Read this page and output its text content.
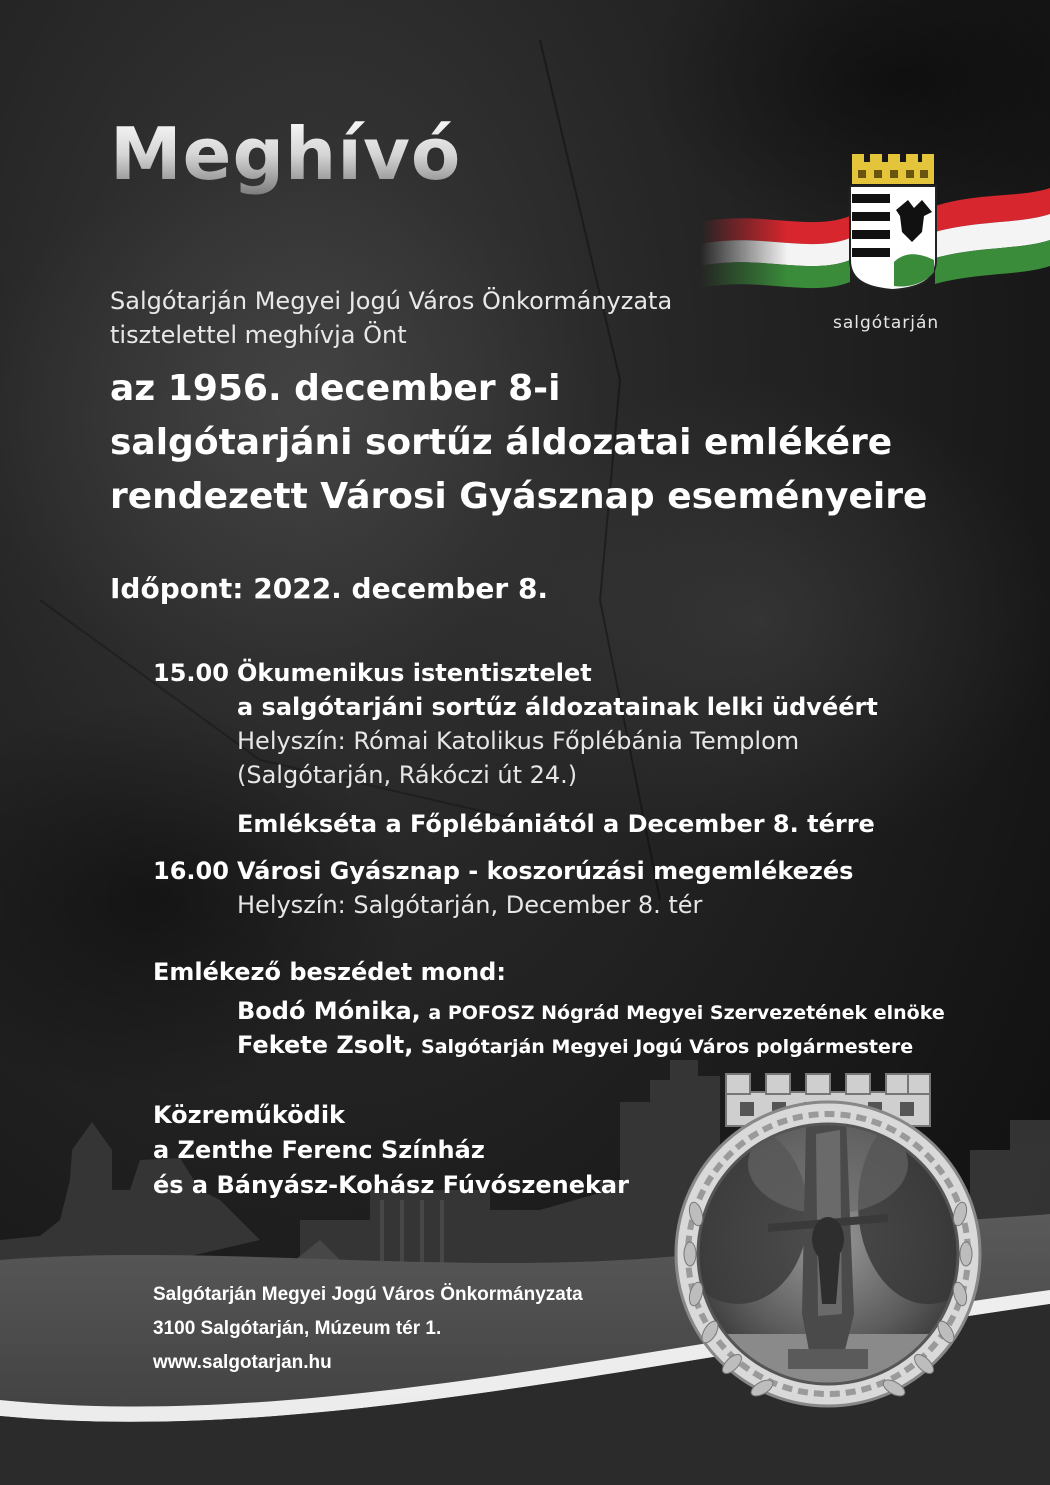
Meghívó
salgótarján
Salgótarján Megyei Jogú Város Önkormányzata
tisztelettel meghívja Önt
az 1956. december 8-i
salgótarjáni sortűz áldozatai emlékére
rendezett Városi Gyásznap eseményeire
Időpont: 2022. december 8.
15.00 Ökumenikus istentisztelet
a salgótarjáni sortűz áldozatainak lelki üdvéért
Helyszín: Római Katolikus Főplébánia Templom
(Salgótarján, Rákóczi út 24.)
Emlékséta a Főplébániától a December 8. térre
16.00 Városi Gyásznap - koszorúzási megemlékezés
Helyszín: Salgótarján, December 8. tér
Emlékező beszédet mond:
Bodó Mónika, a POFOSZ Nógrád Megyei Szervezetének elnöke
Fekete Zsolt, Salgótarján Megyei Jogú Város polgármestere
Közreműködik
a Zenthe Ferenc Színház
és a Bányász-Kohász Fúvószenekar
Salgótarján Megyei Jogú Város Önkormányzata
3100 Salgótarján, Múzeum tér 1.
www.salgotarjan.hu
